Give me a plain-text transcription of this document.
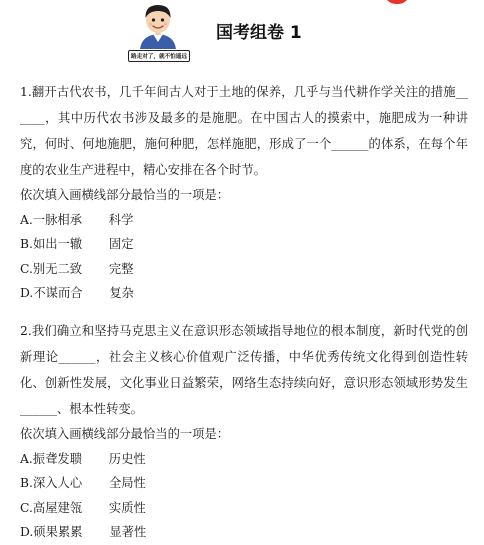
路走对了，就不怕遥远
国考组卷 1
1.翻开古代农书，几千年间古人对于土地的保养，几乎与当代耕作学关注的措施______，其中历代农书涉及最多的是施肥。在中国古人的摸索中，施肥成为一种讲究，何时、何地施肥，施何种肥，怎样施肥，形成了一个______的体系，在每个年度的农业生产进程中，精心安排在各个时节。
依次填入画横线部分最恰当的一项是：
A.一脉相承 科学
B.如出一辙 固定
C.别无二致 完整
D.不谋而合 复杂
2.我们确立和坚持马克思主义在意识形态领域指导地位的根本制度，新时代党的创新理论______，社会主义核心价值观广泛传播，中华优秀传统文化得到创造性转化、创新性发展，文化事业日益繁荣，网络生态持续向好，意识形态领域形势发生______、根本性转变。
依次填入画横线部分最恰当的一项是：
A.振聋发聩 历史性
B.深入人心 全局性
C.高屋建瓴 实质性
D.硕果累累 显著性
